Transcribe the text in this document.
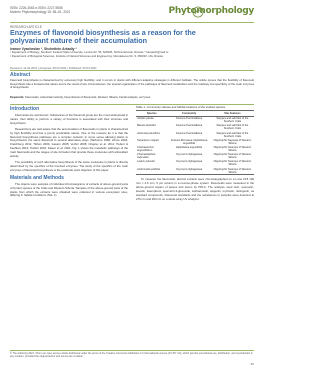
ISSN: 2226-3063 e-ISSN: 2227-9555
Modern Phytomorphology 15: 56–61, 2021	Phytomorphology
RESEARCH ARTICLE
Enzymes of flavonoid biosynthesis as a reason for the polyvariant nature of their accumulation
Ivanov Vyacheslav ¹, Shchetinin Arkadiy ²
¹ Department of Biology, Southern Federal State University, Lenina Str. 56, 628405, Nizhnevartovsk, Russia; * karatesh@mail.ru
² Department of Biological Sciences, Institute of Natural Sciences and Engineering, Mendeleeva Str. 9, 450023, Ufa, Russia
Received: 14.04.2021 | Accepted: 28.04.2021 | Published: 06.04.2021
Abstract
Flavonoid biosynthesis is characterized by extremely high flexibility; and it occurs in plants with different adaptive strategies in different habitats. The article proves that the flexibility of flavonoid biosynthesis has a fundamental nature and is the result of two circumstances: the special organization of the pathways of flavonoid metabolism and the relatively low specificity of the main enzymes of biosynthesis.
Keywords: Flavonoids, antioxidant activity, biosynthesis of flavonoids, Western Siberia, Facial analysis, enzymes
Introduction

Flavonoids are well known. Substances of the flavonoid group are the most widespread in nature, their ability to perform a variety of functions is associated with their structure and biosynthesis.

Researchers are well aware that the accumulation of flavonoids in plants is characterized by high flexibility and has a poorly predictable nature. One of the reasons for it is that the flavonoid biosynthesis pathways are a complex network; in some sense allowing plants to biosynthesize the same flavonoid in several alternative ways (Harborne 1980; Zimov 2004; Kreichberg 2011; Tikhon 2004; Gaston 2005; Verbiri 2008; Chapter et al. 2011; Hebert & Kashkov 2012; Tishkin 2016; Kaiser et al. 2021, Fig. 1 shows the metabolic pathways of the main flavonoids and the stages of site formation that provide these molecules with antioxidant activity.

The possibility of such alternative biosynthesis of the same molecules in plants is directly determined by the specifics of the involved enzymes. The study of the specifics of the main enzymes of flavonoid biosynthesis is the particular work objective of this paper.

Materials and Methods

The objects were samples of individual chromatograms of extracts of above-ground parts of 8 plant species of the Urals and Western Siberia. Samples of the above-ground parts of the plants from which the extracts were obtained were collected in various ecosystem sites, differing in habitat conditions (Tab. 1).

Table 1. Community classes and habitat locations of the studied species.
Species	Community	Site Features
Atriplex patula	Festuco-Puccinellietea	Steppes and salt flats of the Southern Urals
Bassia sedoides	Festuco-Puccinellietea	Steppes and salt flats of the Southern Urals
Artemisia pauciflora	Festuco-Puccinellietea	Steppes and salt flats of the Southern Urals
Tanacetum vulgare	Festuco-Brometea / Epilobietea angustifolii	Oligotrophic Sayanas of Western Siberia
Chamaenerion angustifolium	Epilobietea angustifolii	Oligotrophic Swamps of Western Siberia
Chamaedaphne calyculata	Oxycocco-Sphagnetea	Oligotrophic Swamps of Western Siberia
Ledum palustre	Oxycocco-Sphagnetea	Oligotrophic Swamps of Western Siberia
Andromeda polifolia	Oxycocco-Sphagnetea	Oligotrophic Swamps of Western Siberia

To measure the flavonoids, alcohol extracts were chromatographed on a Luna C18 100 mm × 4.6 mm, 5 µm column in a reverse-phase system. Flavonoids were measured in the above-ground organs of leaves and stems by HPLC. The analysis used rutin, quercetin, luteolin, kaempferol, quercetin-3-glucoside, isorhamnetin, apigenin, myricetin, naringenin, as standard compounds. Flavonoid standards and the substances in samples were detected at 270 nm and 360 nm on a diode array UV analyzer.

© The Author(s) 2021. This is an open access article distributed under the terms of the Creative Commons Attribution 4.0 International License (CC BY 4.0), which permits unrestricted use, distribution, and reproduction in any medium, provided the original author and source are credited.
56
